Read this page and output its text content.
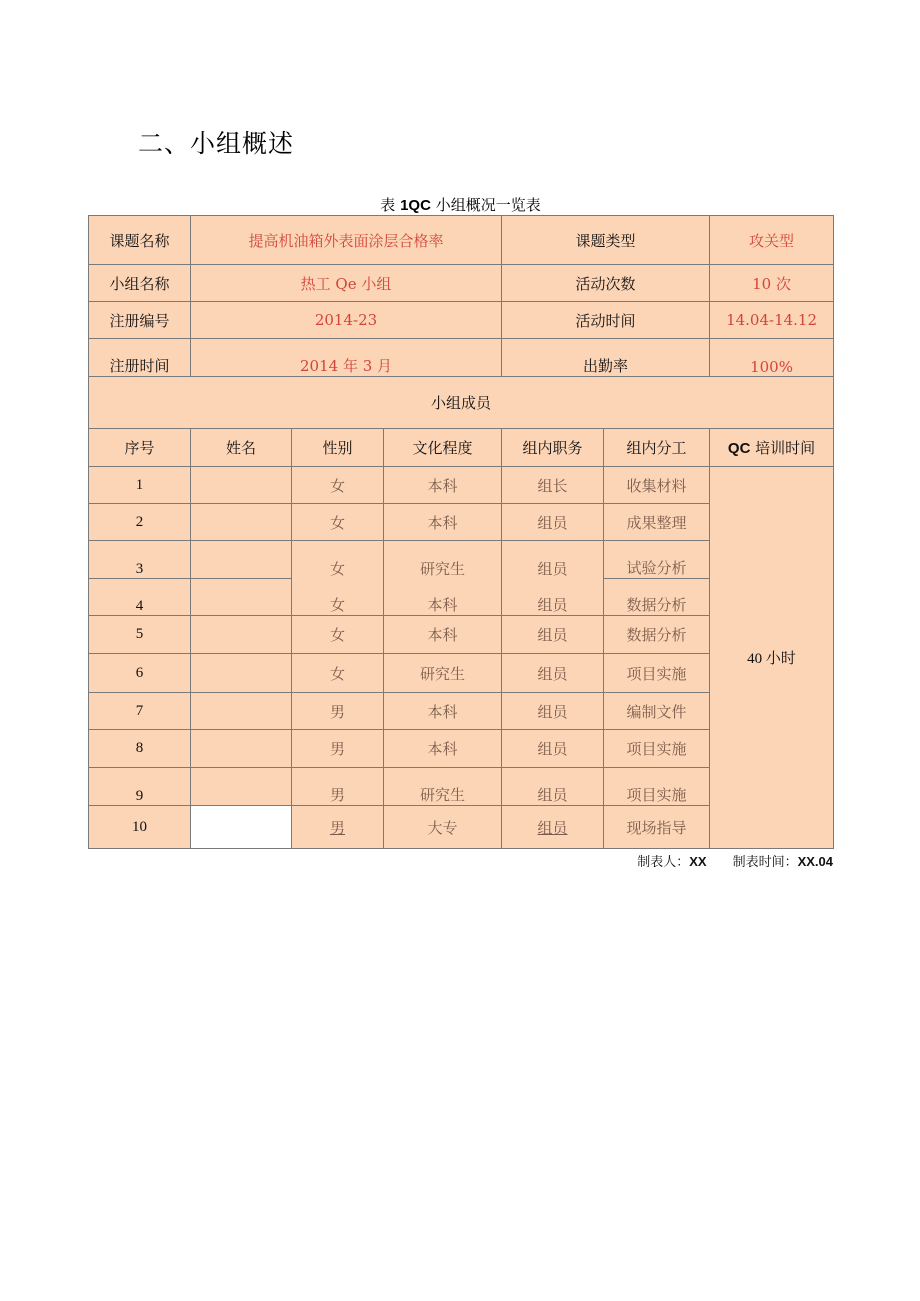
二、小组概述
表 1QC 小组概况一览表
课题名称	提高机油箱外表面涂层合格率			课题类型		攻关型
小组名称	热工 Qe 小组			活动次数		10 次
注册编号	2014-23			活动时间		14.04-14.12
注册时间	2014 年 3 月			出勤率		100%
小组成员						
序号	姓名	性别	文化程度	组内职务	组内分工	QC 培训时间
1		女	本科	组长	收集材料	40 小时
2		女	本科	组员	成果整理	
3		女	研究生	组员	试验分析	
4		女	本科	组员	数据分析	
5		女	本科	组员	数据分析	
6		女	研究生	组员	项目实施	
7		男	本科	组员	编制文件	
8		男	本科	组员	项目实施	
9		男	研究生	组员	项目实施	
10		男	大专	组员	现场指导	
制表人：XX 制表时间：XX.04
